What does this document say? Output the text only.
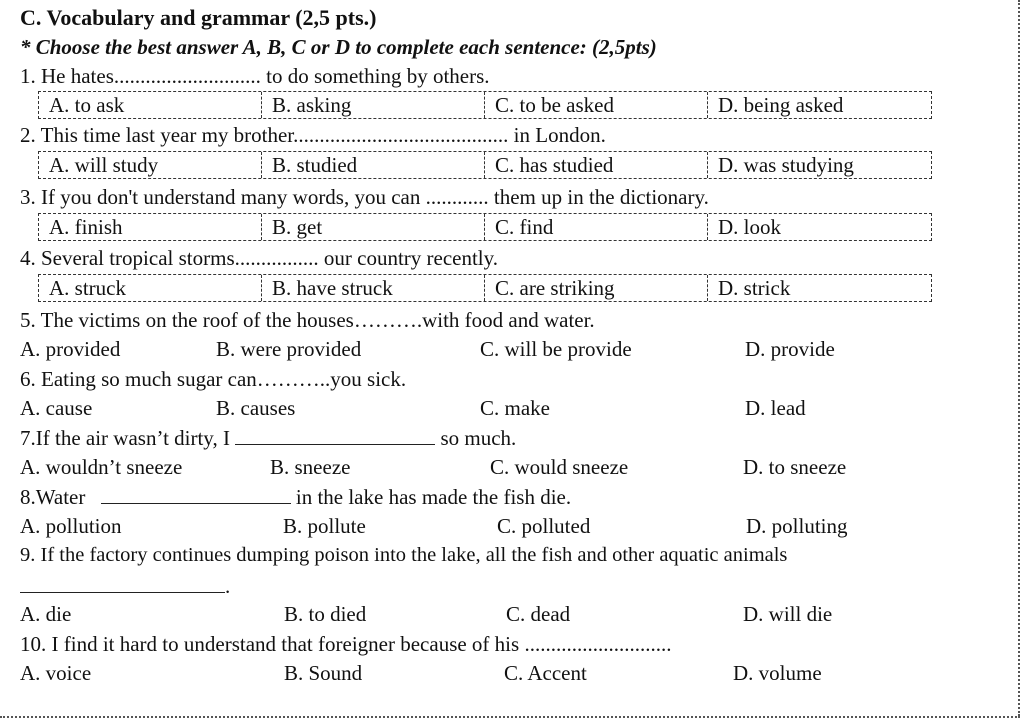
C. Vocabulary and grammar (2,5 pts.)
* Choose the best answer A, B, C or D to complete each sentence: (2,5pts)
1. He hates............................ to do something by others.
A. to ask	B. asking	C. to be asked	D. being asked
2. This time last year my brother......................................... in London.
A. will study	B. studied	C. has studied	D. was studying
3. If you don't understand many words, you can ............ them up in the dictionary.
A. finish	B. get	C. find	D. look
4. Several tropical storms................ our country recently.
A. struck	B. have struck	C. are striking	D. strick
5. The victims on the roof of the houses……….with food and water.
A. provided	B. were provided	C. will be provide	D. provide
6. Eating so much sugar can………..you sick.
A. cause	B. causes	C. make	D. lead
7.If the air wasn’t dirty, I	so much.
A. wouldn’t sneeze	B. sneeze	C. would sneeze	D. to sneeze
8.Water	in the lake has made the fish die.
A. pollution	B. pollute	C. polluted	D. polluting
9. If the factory continues dumping poison into the lake, all the fish and other aquatic animals
.
A. die	B. to died	C. dead	D. will die
10. I find it hard to understand that foreigner because of his ............................
A. voice	B. Sound	C. Accent	D. volume
